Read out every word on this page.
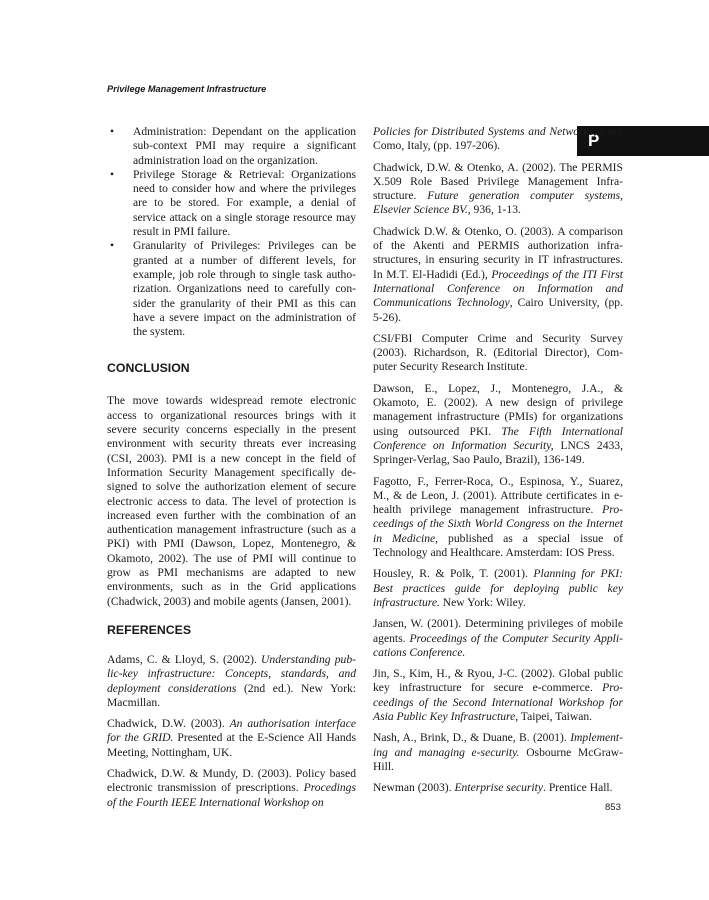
Privilege Management Infrastructure
P
• Administration: Dependant on the application sub-context PMI may require a significant administration load on the organization.
• Privilege Storage & Retrieval: Organizations need to consider how and where the privileges are to be stored. For example, a denial of service attack on a single storage resource may result in PMI failure.
• Granularity of Privileges: Privileges can be granted at a number of different levels, for example, job role through to single task authorization. Organizations need to carefully consider the granularity of their PMI as this can have a severe impact on the administration of the system.
CONCLUSION
The move towards widespread remote electronic access to organizational resources brings with it severe security concerns especially in the present environment with security threats ever increasing (CSI, 2003). PMI is a new concept in the field of Information Security Management specifically designed to solve the authorization element of secure electronic access to data. The level of protection is increased even further with the combination of an authentication management infrastructure (such as a PKI) with PMI (Dawson, Lopez, Montenegro, & Okamoto, 2002). The use of PMI will continue to grow as PMI mechanisms are adapted to new environments, such as in the Grid applications (Chadwick, 2003) and mobile agents (Jansen, 2001).
REFERENCES
Adams, C. & Lloyd, S. (2002). Understanding public-key infrastructure: Concepts, standards, and deployment considerations (2nd ed.). New York: Macmillan.
Chadwick, D.W. (2003). An authorisation interface for the GRID. Presented at the E-Science All Hands Meeting, Nottingham, UK.
Chadwick, D.W. & Mundy, D. (2003). Policy based electronic transmission of prescriptions. Procedings of the Fourth IEEE International Workshop on
Policies for Distributed Systems and Networks, Lake Como, Italy, (pp. 197-206).
Chadwick, D.W. & Otenko, A. (2002). The PERMIS X.509 Role Based Privilege Management Infrastructure. Future generation computer systems, Elsevier Science BV., 936, 1-13.
Chadwick D.W. & Otenko, O. (2003). A comparison of the Akenti and PERMIS authorization infrastructures, in ensuring security in IT infrastructures. In M.T. El-Hadidi (Ed.), Proceedings of the ITI First International Conference on Information and Communications Technology, Cairo University, (pp. 5-26).
CSI/FBI Computer Crime and Security Survey (2003). Richardson, R. (Editorial Director), Computer Security Research Institute.
Dawson, E., Lopez, J., Montenegro, J.A., & Okamoto, E. (2002). A new design of privilege management infrastructure (PMIs) for organizations using outsourced PKI. The Fifth International Conference on Information Security, LNCS 2433, Springer-Verlag, Sao Paulo, Brazil), 136-149.
Fagotto, F., Ferrer-Roca, O., Espinosa, Y., Suarez, M., & de Leon, J. (2001). Attribute certificates in e-health privilege management infrastructure. Proceedings of the Sixth World Congress on the Internet in Medicine, published as a special issue of Technology and Healthcare. Amsterdam: IOS Press.
Housley, R. & Polk, T. (2001). Planning for PKI: Best practices guide for deploying public key infrastructure. New York: Wiley.
Jansen, W. (2001). Determining privileges of mobile agents. Proceedings of the Computer Security Applications Conference.
Jin, S., Kim, H., & Ryou, J-C. (2002). Global public key infrastructure for secure e-commerce. Proceedings of the Second International Workshop for Asia Public Key Infrastructure, Taipei, Taiwan.
Nash, A., Brink, D., & Duane, B. (2001). Implementing and managing e-security. Osbourne McGraw-Hill.
Newman (2003). Enterprise security. Prentice Hall.
853
